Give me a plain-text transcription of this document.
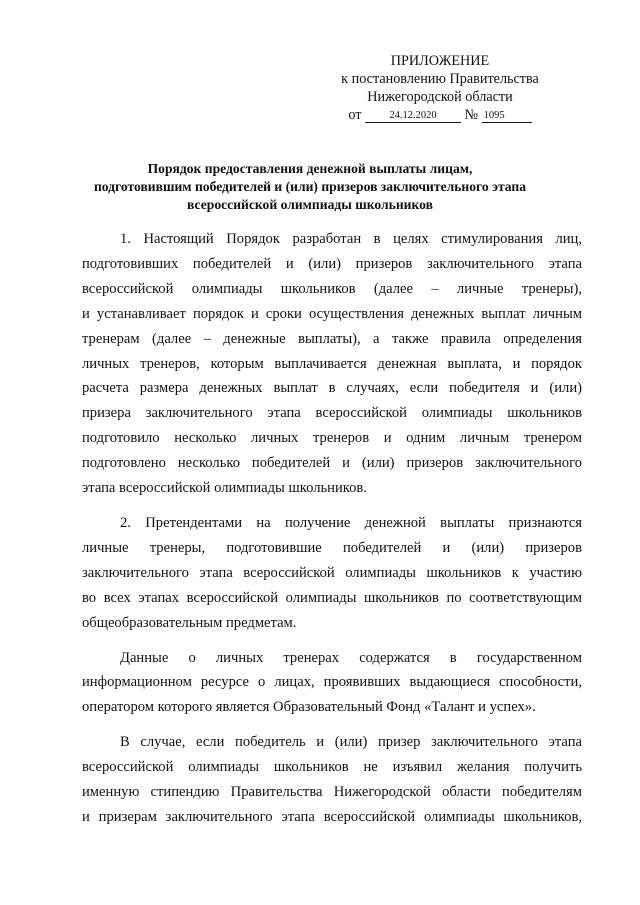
ПРИЛОЖЕНИЕ
к постановлению Правительства
Нижегородской области
от	24.12.2020 № 1095
Порядок предоставления денежной выплаты лицам,
подготовившим победителей и (или) призеров заключительного этапа
всероссийской олимпиады школьников
1. Настоящий Порядок разработан в целях стимулирования лиц,
подготовивших победителей и (или) призеров заключительного этапа
всероссийской олимпиады школьников (далее – личные тренеры),
и устанавливает порядок и сроки осуществления денежных выплат личным
тренерам (далее – денежные выплаты), а также правила определения
личных тренеров, которым выплачивается денежная выплата, и порядок
расчета размера денежных выплат в случаях, если победителя и (или)
призера заключительного этапа всероссийской олимпиады школьников
подготовило несколько личных тренеров и одним личным тренером
подготовлено несколько победителей и (или) призеров заключительного
этапа всероссийской олимпиады школьников.
2. Претендентами на получение денежной выплаты признаются
личные тренеры, подготовившие победителей и (или) призеров
заключительного этапа всероссийской олимпиады школьников к участию
во всех этапах всероссийской олимпиады школьников по соответствующим
общеобразовательным предметам.
Данные о личных тренерах содержатся в государственном
информационном ресурсе о лицах, проявивших выдающиеся способности,
оператором которого является Образовательный Фонд «Талант и успех».
В случае, если победитель и (или) призер заключительного этапа
всероссийской олимпиады школьников не изъявил желания получить
именную стипендию Правительства Нижегородской области победителям
и призерам заключительного этапа всероссийской олимпиады школьников,
